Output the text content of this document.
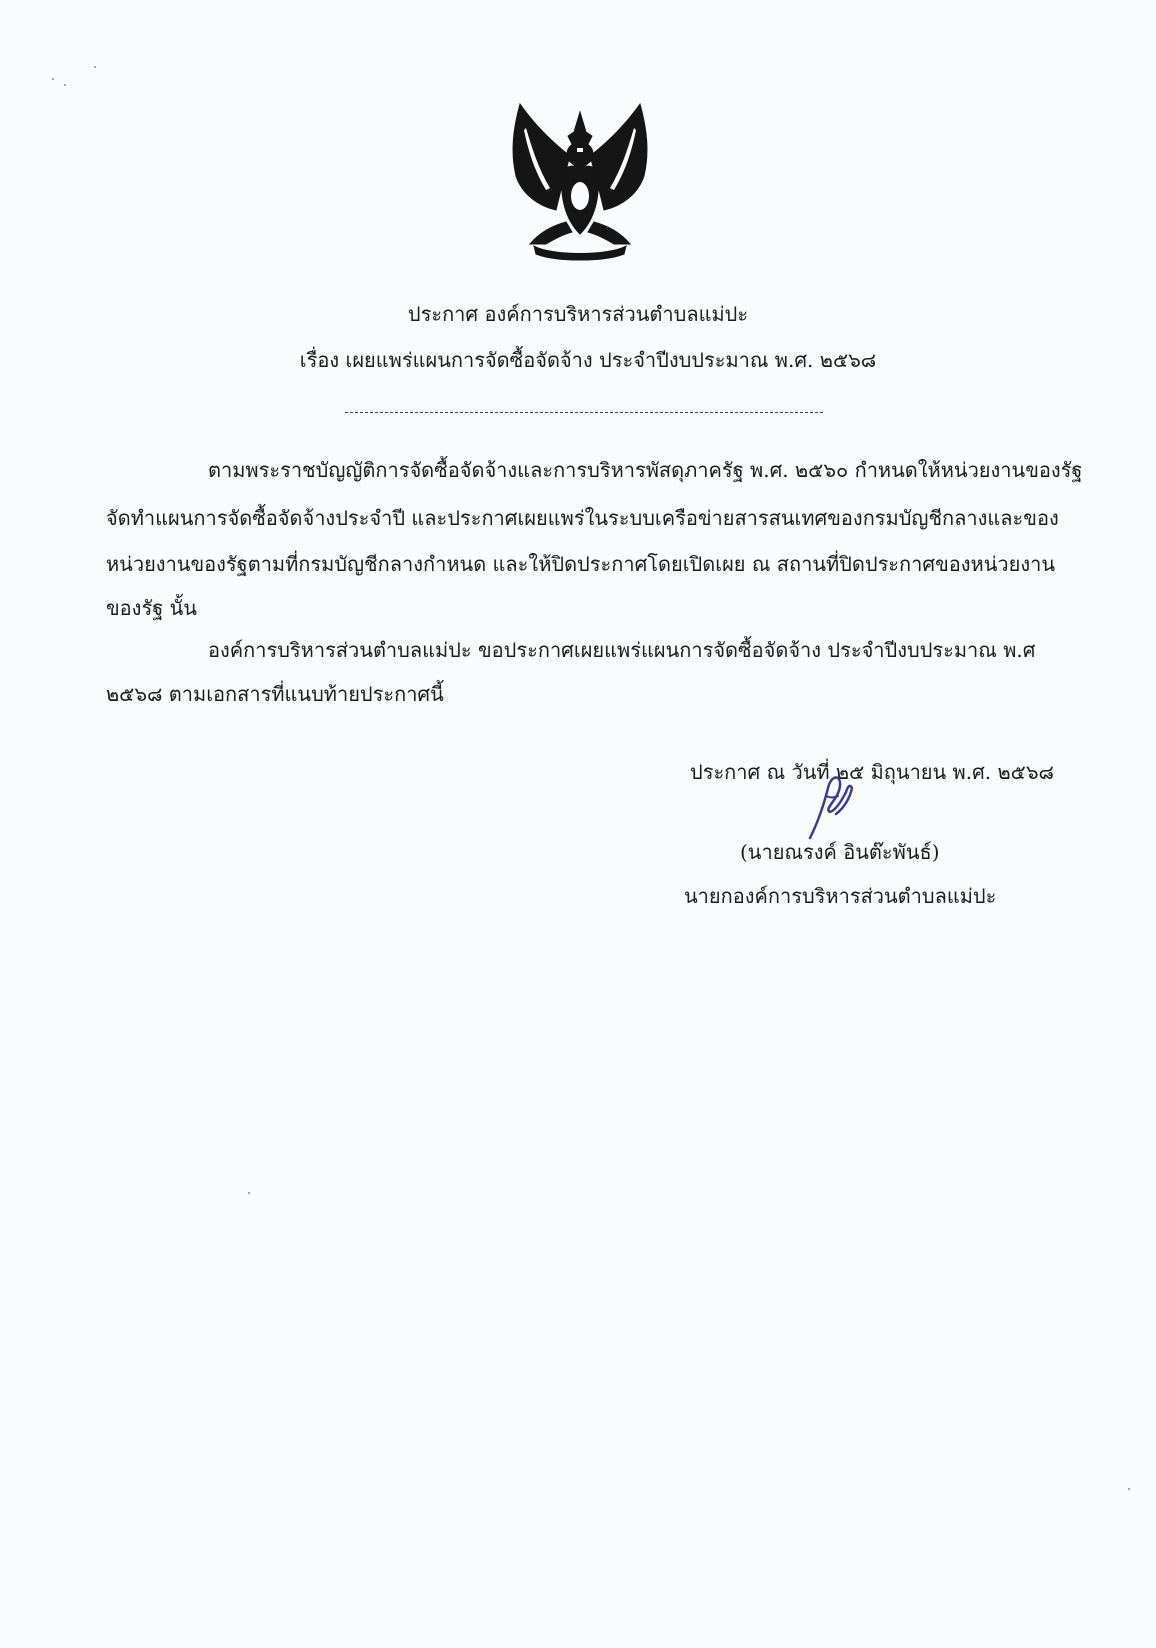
ประกาศ องค์การบริหารส่วนตำบลแม่ปะ
เรื่อง เผยแพร่แผนการจัดซื้อจัดจ้าง ประจำปีงบประมาณ พ.ศ. ๒๕๖๘
ตามพระราชบัญญัติการจัดซื้อจัดจ้างและการบริหารพัสดุภาครัฐ พ.ศ. ๒๕๖๐ กำหนดให้หน่วยงานของรัฐ
จัดทำแผนการจัดซื้อจัดจ้างประจำปี และประกาศเผยแพร่ในระบบเครือข่ายสารสนเทศของกรมบัญชีกลางและของ
หน่วยงานของรัฐตามที่กรมบัญชีกลางกำหนด และให้ปิดประกาศโดยเปิดเผย ณ สถานที่ปิดประกาศของหน่วยงาน
ของรัฐ นั้น
องค์การบริหารส่วนตำบลแม่ปะ ขอประกาศเผยแพร่แผนการจัดซื้อจัดจ้าง ประจำปีงบประมาณ พ.ศ
๒๕๖๘ ตามเอกสารที่แนบท้ายประกาศนี้
ประกาศ ณ วันที่ ๒๕ มิถุนายน พ.ศ. ๒๕๖๘
(นายณรงค์ อินต๊ะพันธ์)
นายกองค์การบริหารส่วนตำบลแม่ปะ
